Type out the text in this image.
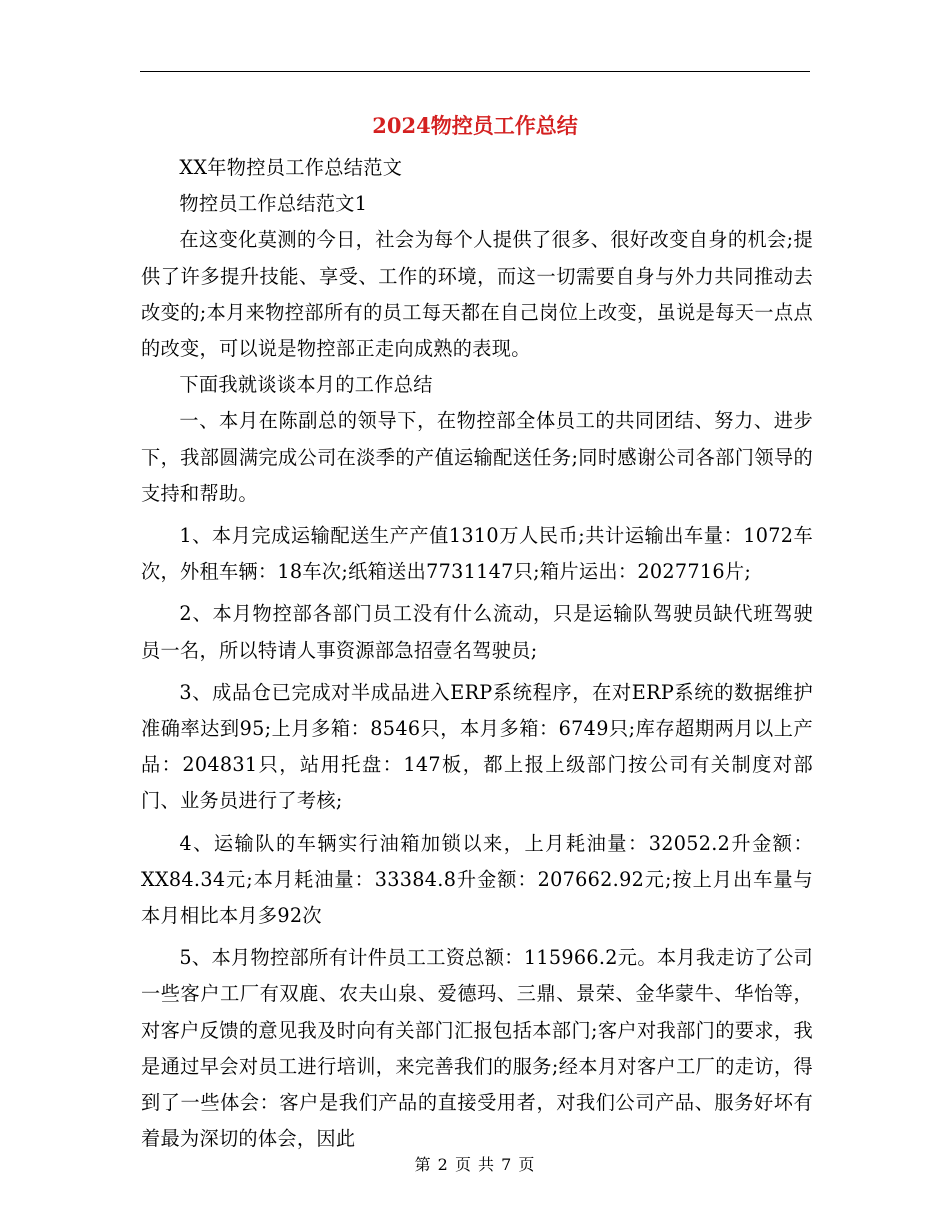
2024物控员工作总结

XX年物控员工作总结范文

物控员工作总结范文1

在这变化莫测的今日，社会为每个人提供了很多、很好改变自身的机会;提供了许多提升技能、享受、工作的环境，而这一切需要自身与外力共同推动去改变的;本月来物控部所有的员工每天都在自己岗位上改变，虽说是每天一点点的改变，可以说是物控部正走向成熟的表现。

下面我就谈谈本月的工作总结

一、本月在陈副总的领导下，在物控部全体员工的共同团结、努力、进步下，我部圆满完成公司在淡季的产值运输配送任务;同时感谢公司各部门领导的支持和帮助。

1、本月完成运输配送生产产值1310万人民币;共计运输出车量：1072车次，外租车辆：18车次;纸箱送出7731147只;箱片运出：2027716片;

2、本月物控部各部门员工没有什么流动，只是运输队驾驶员缺代班驾驶员一名，所以特请人事资源部急招壹名驾驶员;

3、成品仓已完成对半成品进入ERP系统程序，在对ERP系统的数据维护准确率达到95;上月多箱：8546只，本月多箱：6749只;库存超期两月以上产品：204831只，站用托盘：147板，都上报上级部门按公司有关制度对部门、业务员进行了考核;

4、运输队的车辆实行油箱加锁以来，上月耗油量：32052.2升金额：XX84.34元;本月耗油量：33384.8升金额：207662.92元;按上月出车量与本月相比本月多92次

5、本月物控部所有计件员工工资总额：115966.2元。本月我走访了公司一些客户工厂有双鹿、农夫山泉、爱德玛、三鼎、景荣、金华蒙牛、华怡等，对客户反馈的意见我及时向有关部门汇报包括本部门;客户对我部门的要求，我是通过早会对员工进行培训，来完善我们的服务;经本月对客户工厂的走访，得到了一些体会：客户是我们产品的直接受用者，对我们公司产品、服务好坏有着最为深切的体会，因此

第 2 页 共 7 页
